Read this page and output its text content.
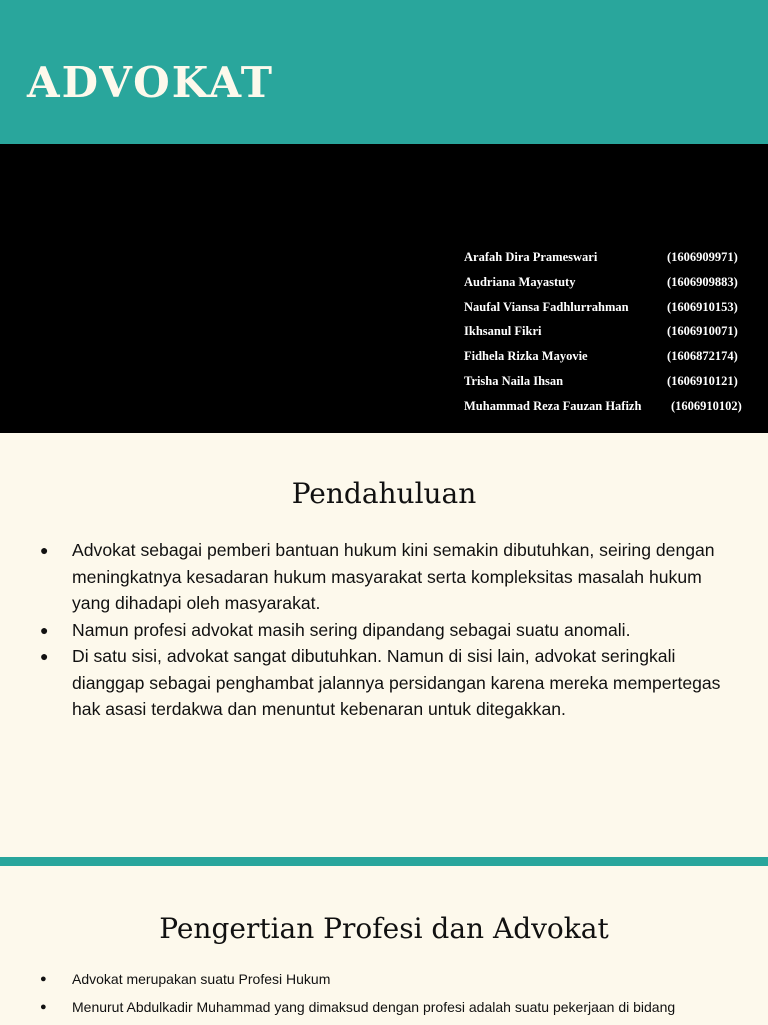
ADVOKAT
Arafah Dira Prameswari	(1606909971)
Audriana Mayastuty	(1606909883)
Naufal Viansa Fadhlurrahman	(1606910153)
Ikhsanul Fikri	(1606910071)
Fidhela Rizka Mayovie	(1606872174)
Trisha Naila Ihsan	(1606910121)
Muhammad Reza Fauzan Hafizh (1606910102)
Pendahuluan
● Advokat sebagai pemberi bantuan hukum kini semakin dibutuhkan, seiring dengan meningkatnya kesadaran hukum masyarakat serta kompleksitas masalah hukum yang dihadapi oleh masyarakat.
● Namun profesi advokat masih sering dipandang sebagai suatu anomali.
● Di satu sisi, advokat sangat dibutuhkan. Namun di sisi lain, advokat seringkali dianggap sebagai penghambat jalannya persidangan karena mereka mempertegas hak asasi terdakwa dan menuntut kebenaran untuk ditegakkan.
Pengertian Profesi dan Advokat
● Advokat merupakan suatu Profesi Hukum
● Menurut Abdulkadir Muhammad yang dimaksud dengan profesi adalah suatu pekerjaan di bidang
